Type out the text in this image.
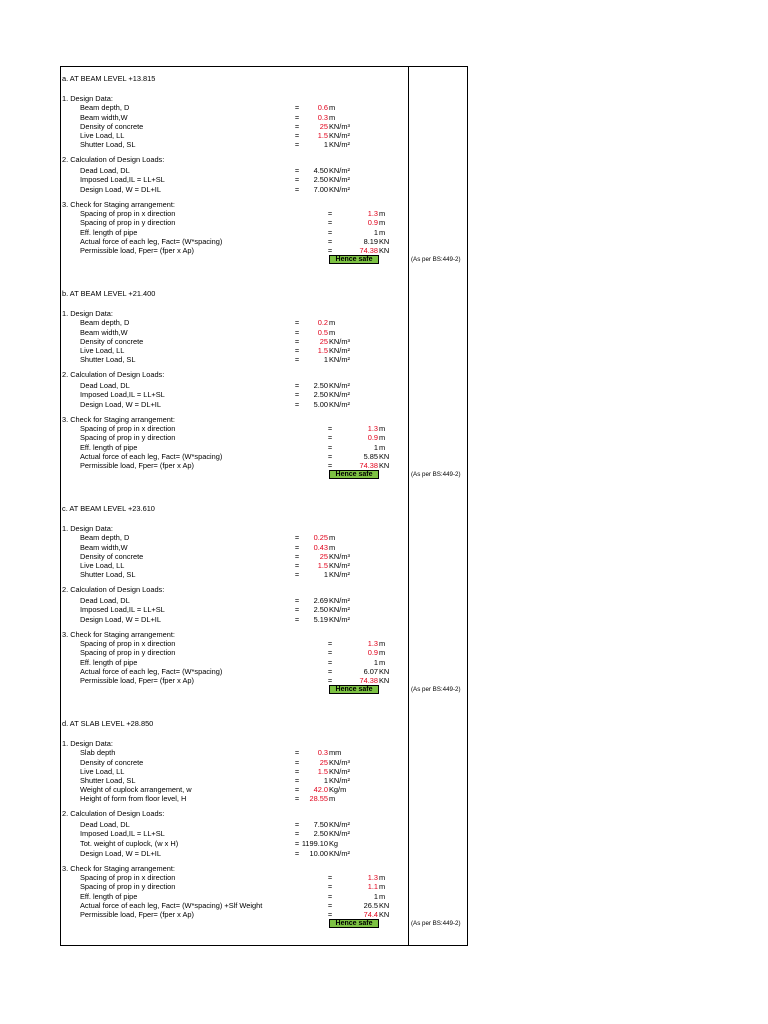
a. AT BEAM LEVEL +13.815
1. Design Data:
Beam depth, D	=	0.6 m
Beam width,W	=	0.3 m
Density of concrete	=	25 KN/m³
Live Load, LL	=	1.5 KN/m²
Shutter Load, SL	=	1 KN/m²
2. Calculation of Design Loads:
Dead Load, DL	=	4.50 KN/m²
Imposed Load,IL = LL+SL	=	2.50 KN/m²
Design Load, W = DL+IL	=	7.00 KN/m²
3. Check for Staging arrangement:
Spacing of prop in x direction	=	1.3 m
Spacing of prop in y direction	=	0.9 m
Eff. length of pipe	=	1 m
Actual force of each leg, Fact= (W*spacing)	=	8.19 KN
Permissible load, Fper= (fper x Ap)	=	74.38 KN
(As per BS:449-2)
Hence safe
b. AT BEAM LEVEL +21.400
1. Design Data:
Beam depth, D	=	0.2 m
Beam width,W	=	0.5 m
Density of concrete	=	25 KN/m³
Live Load, LL	=	1.5 KN/m²
Shutter Load, SL	=	1 KN/m²
2. Calculation of Design Loads:
Dead Load, DL	=	2.50 KN/m²
Imposed Load,IL = LL+SL	=	2.50 KN/m²
Design Load, W = DL+IL	=	5.00 KN/m²
3. Check for Staging arrangement:
Spacing of prop in x direction	=	1.3 m
Spacing of prop in y direction	=	0.9 m
Eff. length of pipe	=	1 m
Actual force of each leg, Fact= (W*spacing)	=	5.85 KN
Permissible load, Fper= (fper x Ap)	=	74.38 KN
(As per BS:449-2)
Hence safe
c. AT BEAM LEVEL +23.610
1. Design Data:
Beam depth, D	=	0.25 m
Beam width,W	=	0.43 m
Density of concrete	=	25 KN/m³
Live Load, LL	=	1.5 KN/m²
Shutter Load, SL	=	1 KN/m²
2. Calculation of Design Loads:
Dead Load, DL	=	2.69 KN/m²
Imposed Load,IL = LL+SL	=	2.50 KN/m²
Design Load, W = DL+IL	=	5.19 KN/m²
3. Check for Staging arrangement:
Spacing of prop in x direction	=	1.3 m
Spacing of prop in y direction	=	0.9 m
Eff. length of pipe	=	1 m
Actual force of each leg, Fact= (W*spacing)	=	6.07 KN
Permissible load, Fper= (fper x Ap)	=	74.38 KN
(As per BS:449-2)
Hence safe
d. AT SLAB LEVEL +28.850
1. Design Data:
Slab depth	=	0.3 mm
Density of concrete	=	25 KN/m³
Live Load, LL	=	1.5 KN/m²
Shutter Load, SL	=	1 KN/m²
Weight of cuplock arrangement, w	=	42.0 Kg/m
Height of form from floor level, H	=	28.55 m
2. Calculation of Design Loads:
Dead Load, DL	=	7.50 KN/m²
Imposed Load,IL = LL+SL	=	2.50 KN/m²
Tot. weight of cuplock, (w x H)	= 1199.10 Kg
Design Load, W = DL+IL	=	10.00 KN/m²
3. Check for Staging arrangement:
Spacing of prop in x direction	=	1.3 m
Spacing of prop in y direction	=	1.1 m
Eff. length of pipe	=	1 m
Actual force of each leg, Fact= (W*spacing) +Slf Weight	=	26.5 KN
Permissible load, Fper= (fper x Ap)	=	74.4 KN
(As per BS:449-2)
Hence safe
